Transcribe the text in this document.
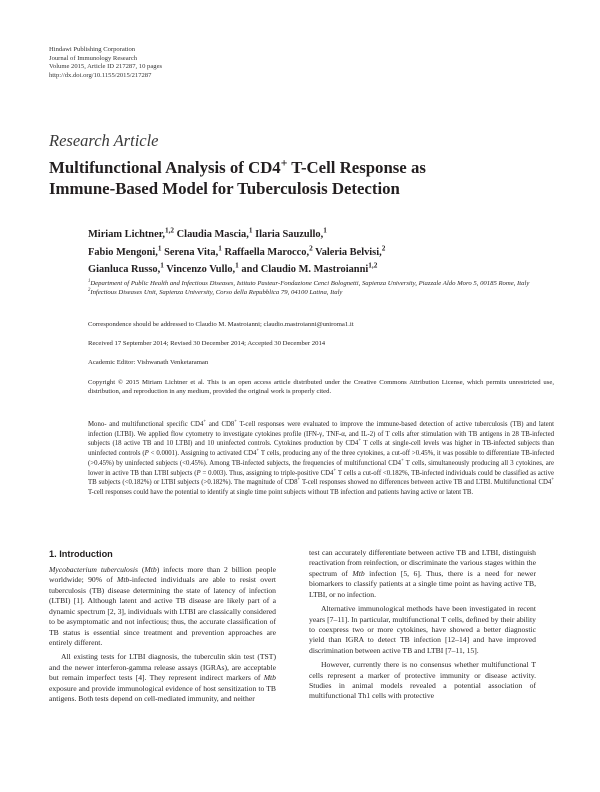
Hindawi Publishing Corporation
Journal of Immunology Research
Volume 2015, Article ID 217287, 10 pages
http://dx.doi.org/10.1155/2015/217287
Research Article
Multifunctional Analysis of CD4+ T-Cell Response as
Immune-Based Model for Tuberculosis Detection
Miriam Lichtner,$^{1,2}$ Claudia Mascia,$^1$ Ilaria Sauzullo,$^1$
Fabio Mengoni,$^1$ Serena Vita,$^1$ Raffaella Marocco,$^2$ Valeria Belvisi,$^2$
Gianluca Russo,$^1$ Vincenzo Vullo,$^1$ and Claudio M. Mastroianni$^{1,2}$

$^1$Department of Public Health and Infectious Diseases, Istituto Pasteur-Fondazione Cenci Bolognetti, Sapienza University, Piazzale Aldo Moro 5, 00185 Rome, Italy

$^2$Infectious Diseases Unit, Sapienza University, Corso della Repubblica 79, 04100 Latina, Italy

Correspondence should be addressed to Claudio M. Mastroianni; claudio.mastroianni@uniroma1.it
Received 17 September 2014; Revised 30 December 2014; Accepted 30 December 2014
Academic Editor: Vishwanath Venketaraman
Copyright © 2015 Miriam Lichtner et al. This is an open access article distributed under the Creative Commons Attribution License, which permits unrestricted use, distribution, and reproduction in any medium, provided the original work is properly cited.
Mono- and multifunctional specific CD4+ and CD8+ T-cell responses were evaluated to improve the immune-based detection of active tuberculosis (TB) and latent infection (LTBI). We applied flow cytometry to investigate cytokines profile (IFN-γ, TNF-α, and IL-2) of T cells after stimulation with TB antigens in 28 TB-infected subjects (18 active TB and 10 LTBI) and 10 uninfected controls. Cytokines production by CD4+ T cells at single-cell levels was higher in TB-infected subjects than uninfected controls (P < 0.0001). Assigning to activated CD4+ T cells, producing any of the three cytokines, a cut-off >0.45%, it was possible to differentiate TB-infected (>0.45%) by uninfected subjects (<0.45%). Among TB-infected subjects, the frequencies of multifunctional CD4+ T cells, simultaneously producing all 3 cytokines, are lower in active TB than LTBI subjects (P = 0.003). Thus, assigning to triple-positive CD4+ T cells a cut-off <0.182%, TB-infected individuals could be classified as active TB subjects (<0.182%) or LTBI subjects (>0.182%). The magnitude of CD8+ T-cell responses showed no differences between active TB and LTBI. Multifunctional CD4+ T-cell responses could have the potential to identify at single time point subjects without TB infection and patients having active or latent TB.
1. Introduction

Mycobacterium tuberculosis (Mtb) infects more than 2 billion people worldwide; 90% of Mtb-infected individuals are able to resist overt tuberculosis (TB) disease determining the state of latency of infection (LTBI) [1]. Although latent and active TB disease are likely part of a dynamic spectrum [2, 3], individuals with LTBI are classically considered to be asymptomatic and not infectious; thus, the accurate classification of TB status is essential since treatment and prevention approaches are entirely different.

All existing tests for LTBI diagnosis, the tuberculin skin test (TST) and the newer interferon-gamma release assays (IGRAs), are acceptable but remain imperfect tests [4]. They represent indirect markers of Mtb exposure and provide immunological evidence of host sensitization to TB antigens. Both tests depend on cell-mediated immunity, and neither

test can accurately differentiate between active TB and LTBI, distinguish reactivation from reinfection, or discriminate the various stages within the spectrum of Mtb infection [5, 6]. Thus, there is a need for newer biomarkers to classify patients at a single time point as having active TB, LTBI, or no infection.

Alternative immunological methods have been investigated in recent years [7–11]. In particular, multifunctional T cells, defined by their ability to coexpress two or more cytokines, have showed a better diagnostic yield than IGRA to detect TB infection [12–14] and have improved discrimination between active TB and LTBI [7–11, 15].

However, currently there is no consensus whether multifunctional T cells represent a marker of protective immunity or disease activity. Studies in animal models revealed a potential association of multifunctional Th1 cells with protective
